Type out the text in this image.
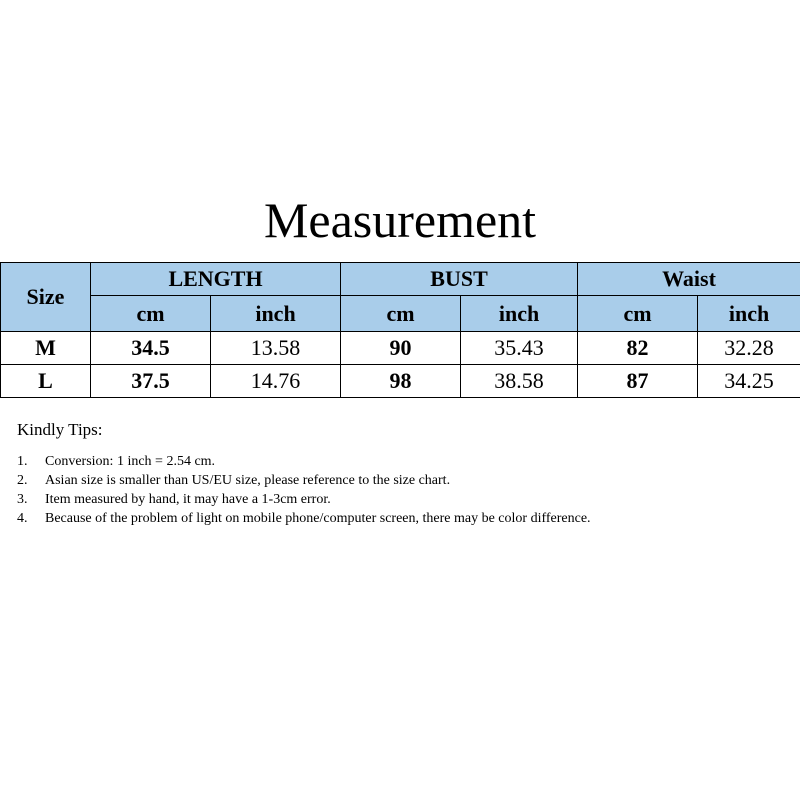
Measurement
Size	LENGTH		BUST		Waist	
	cm	inch	cm	inch	cm	inch
M	34.5	13.58	90	35.43	82	32.28
L	37.5	14.76	98	38.58	87	34.25
Kindly Tips:
1. Conversion: 1 inch = 2.54 cm.
2. Asian size is smaller than US/EU size, please reference to the size chart.
3. Item measured by hand, it may have a 1-3cm error.
4. Because of the problem of light on mobile phone/computer screen, there may be color difference.
